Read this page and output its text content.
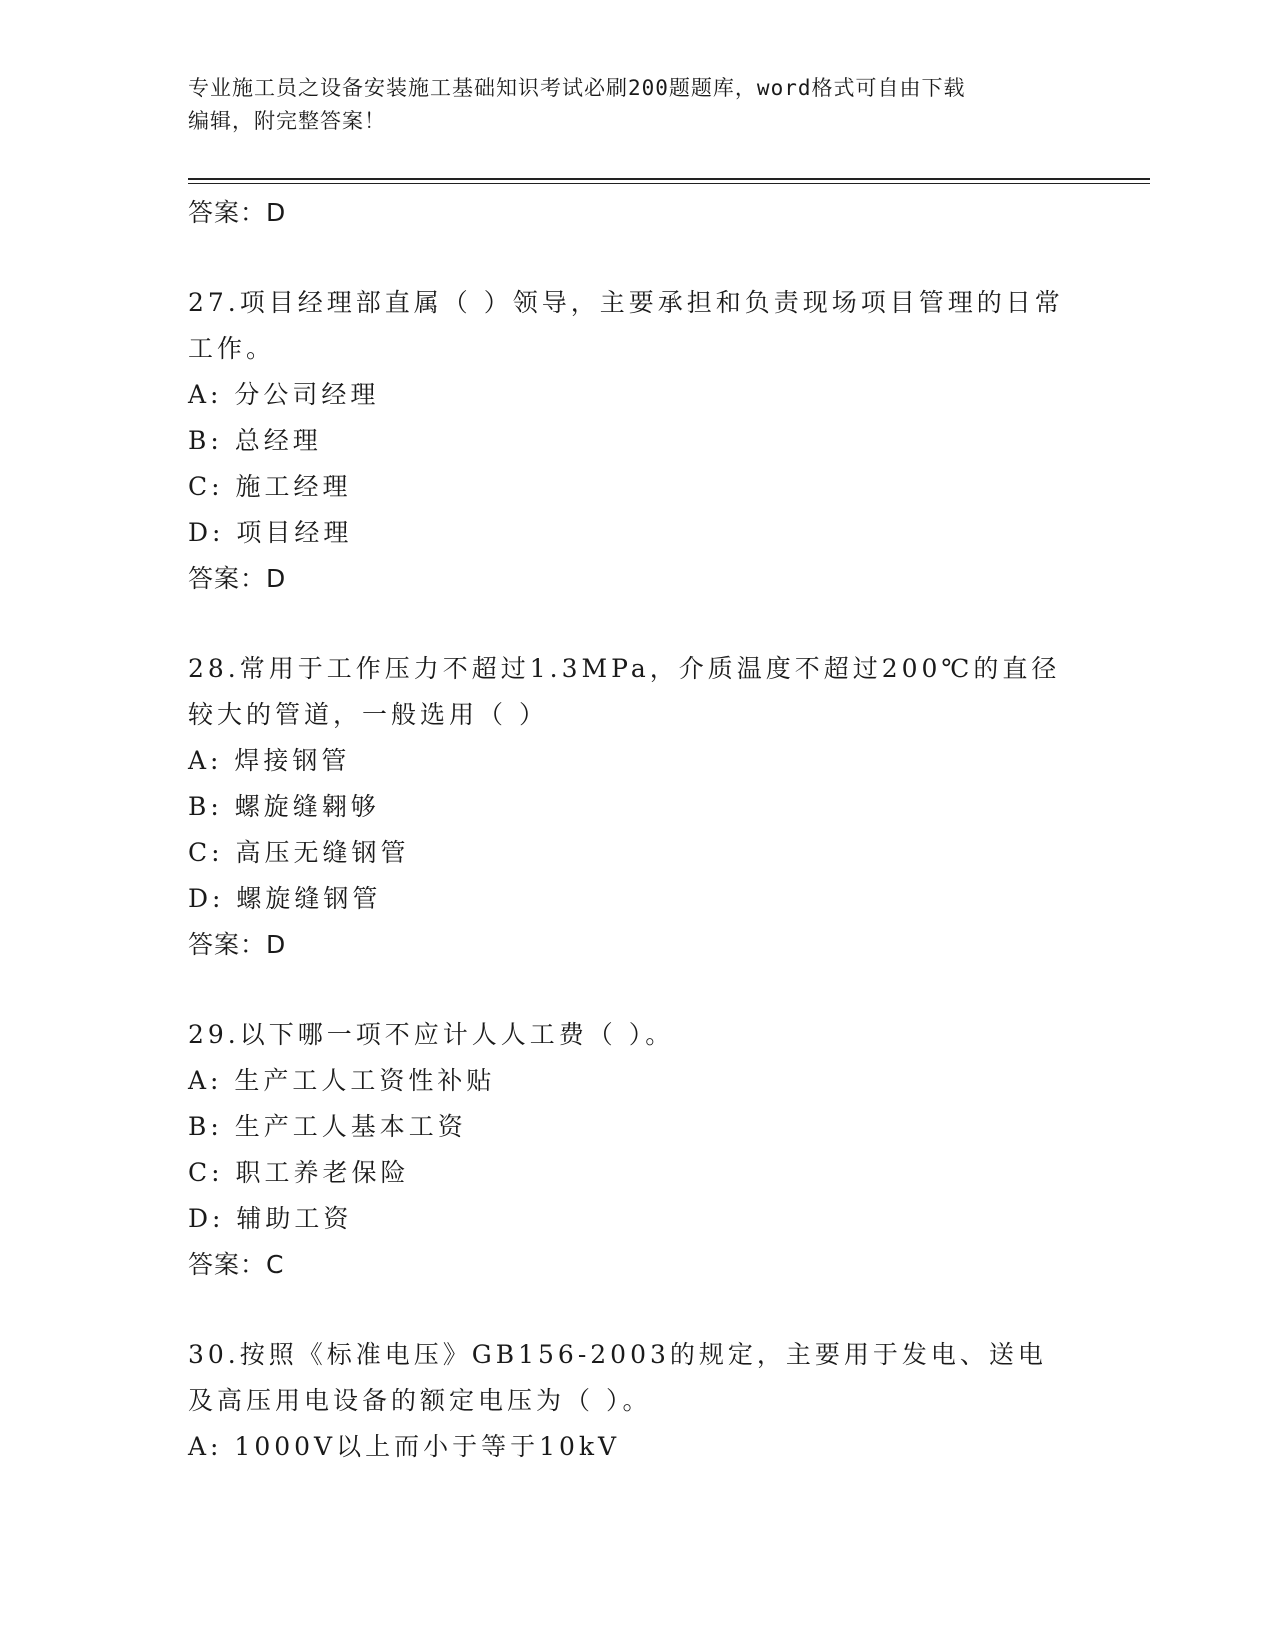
专业施工员之设备安装施工基础知识考试必刷200题题库，word格式可自由下载
编辑，附完整答案！
答案：D
27.项目经理部直属（ ）领导，主要承担和负责现场项目管理的日常工作。
A: 分公司经理
B: 总经理
C: 施工经理
D: 项目经理
答案：D
28.常用于工作压力不超过1.3MPa，介质温度不超过200℃的直径较大的管道，一般选用（ ）
A: 焊接钢管
B: 螺旋缝翱够
C: 高压无缝钢管
D: 螺旋缝钢管
答案：D
29.以下哪一项不应计人人工费（ ）。
A: 生产工人工资性补贴
B: 生产工人基本工资
C: 职工养老保险
D: 辅助工资
答案：C
30.按照《标准电压》GB156-2003的规定，主要用于发电、送电及高压用电设备的额定电压为（ ）。
A: 1000V以上而小于等于10kV
